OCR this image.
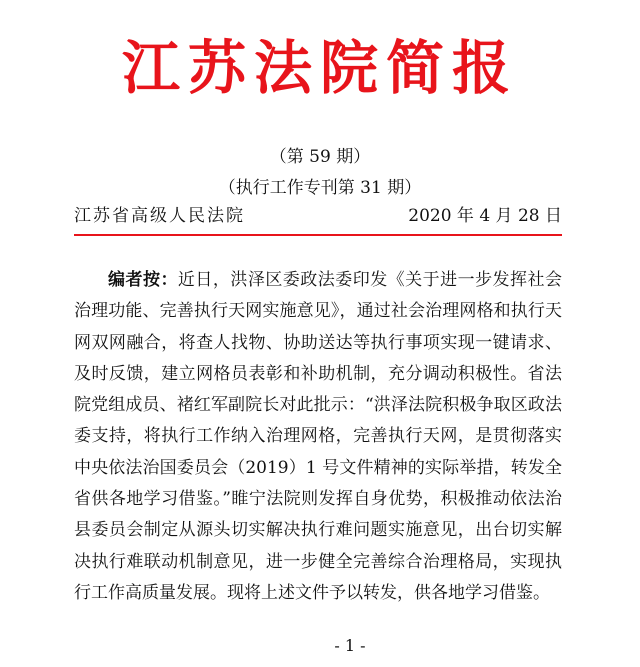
江苏法院简报
（第 59 期）
（执行工作专刊第 31 期）
江苏省高级人民法院	2020 年 4 月 28 日

编者按：近日，洪泽区委政法委印发《关于进一步发挥社会治理功能、完善执行天网实施意见》，通过社会治理网格和执行天网双网融合，将查人找物、协助送达等执行事项实现一键请求、及时反馈，建立网格员表彰和补助机制，充分调动积极性。省法院党组成员、褚红军副院长对此批示：“洪泽法院积极争取区政法委支持，将执行工作纳入治理网格，完善执行天网，是贯彻落实中央依法治国委员会（2019）1 号文件精神的实际举措，转发全省供各地学习借鉴。”睢宁法院则发挥自身优势，积极推动依法治县委员会制定从源头切实解决执行难问题实施意见，出台切实解决执行难联动机制意见，进一步健全完善综合治理格局，实现执行工作高质量发展。现将上述文件予以转发，供各地学习借鉴。

- 1 -
